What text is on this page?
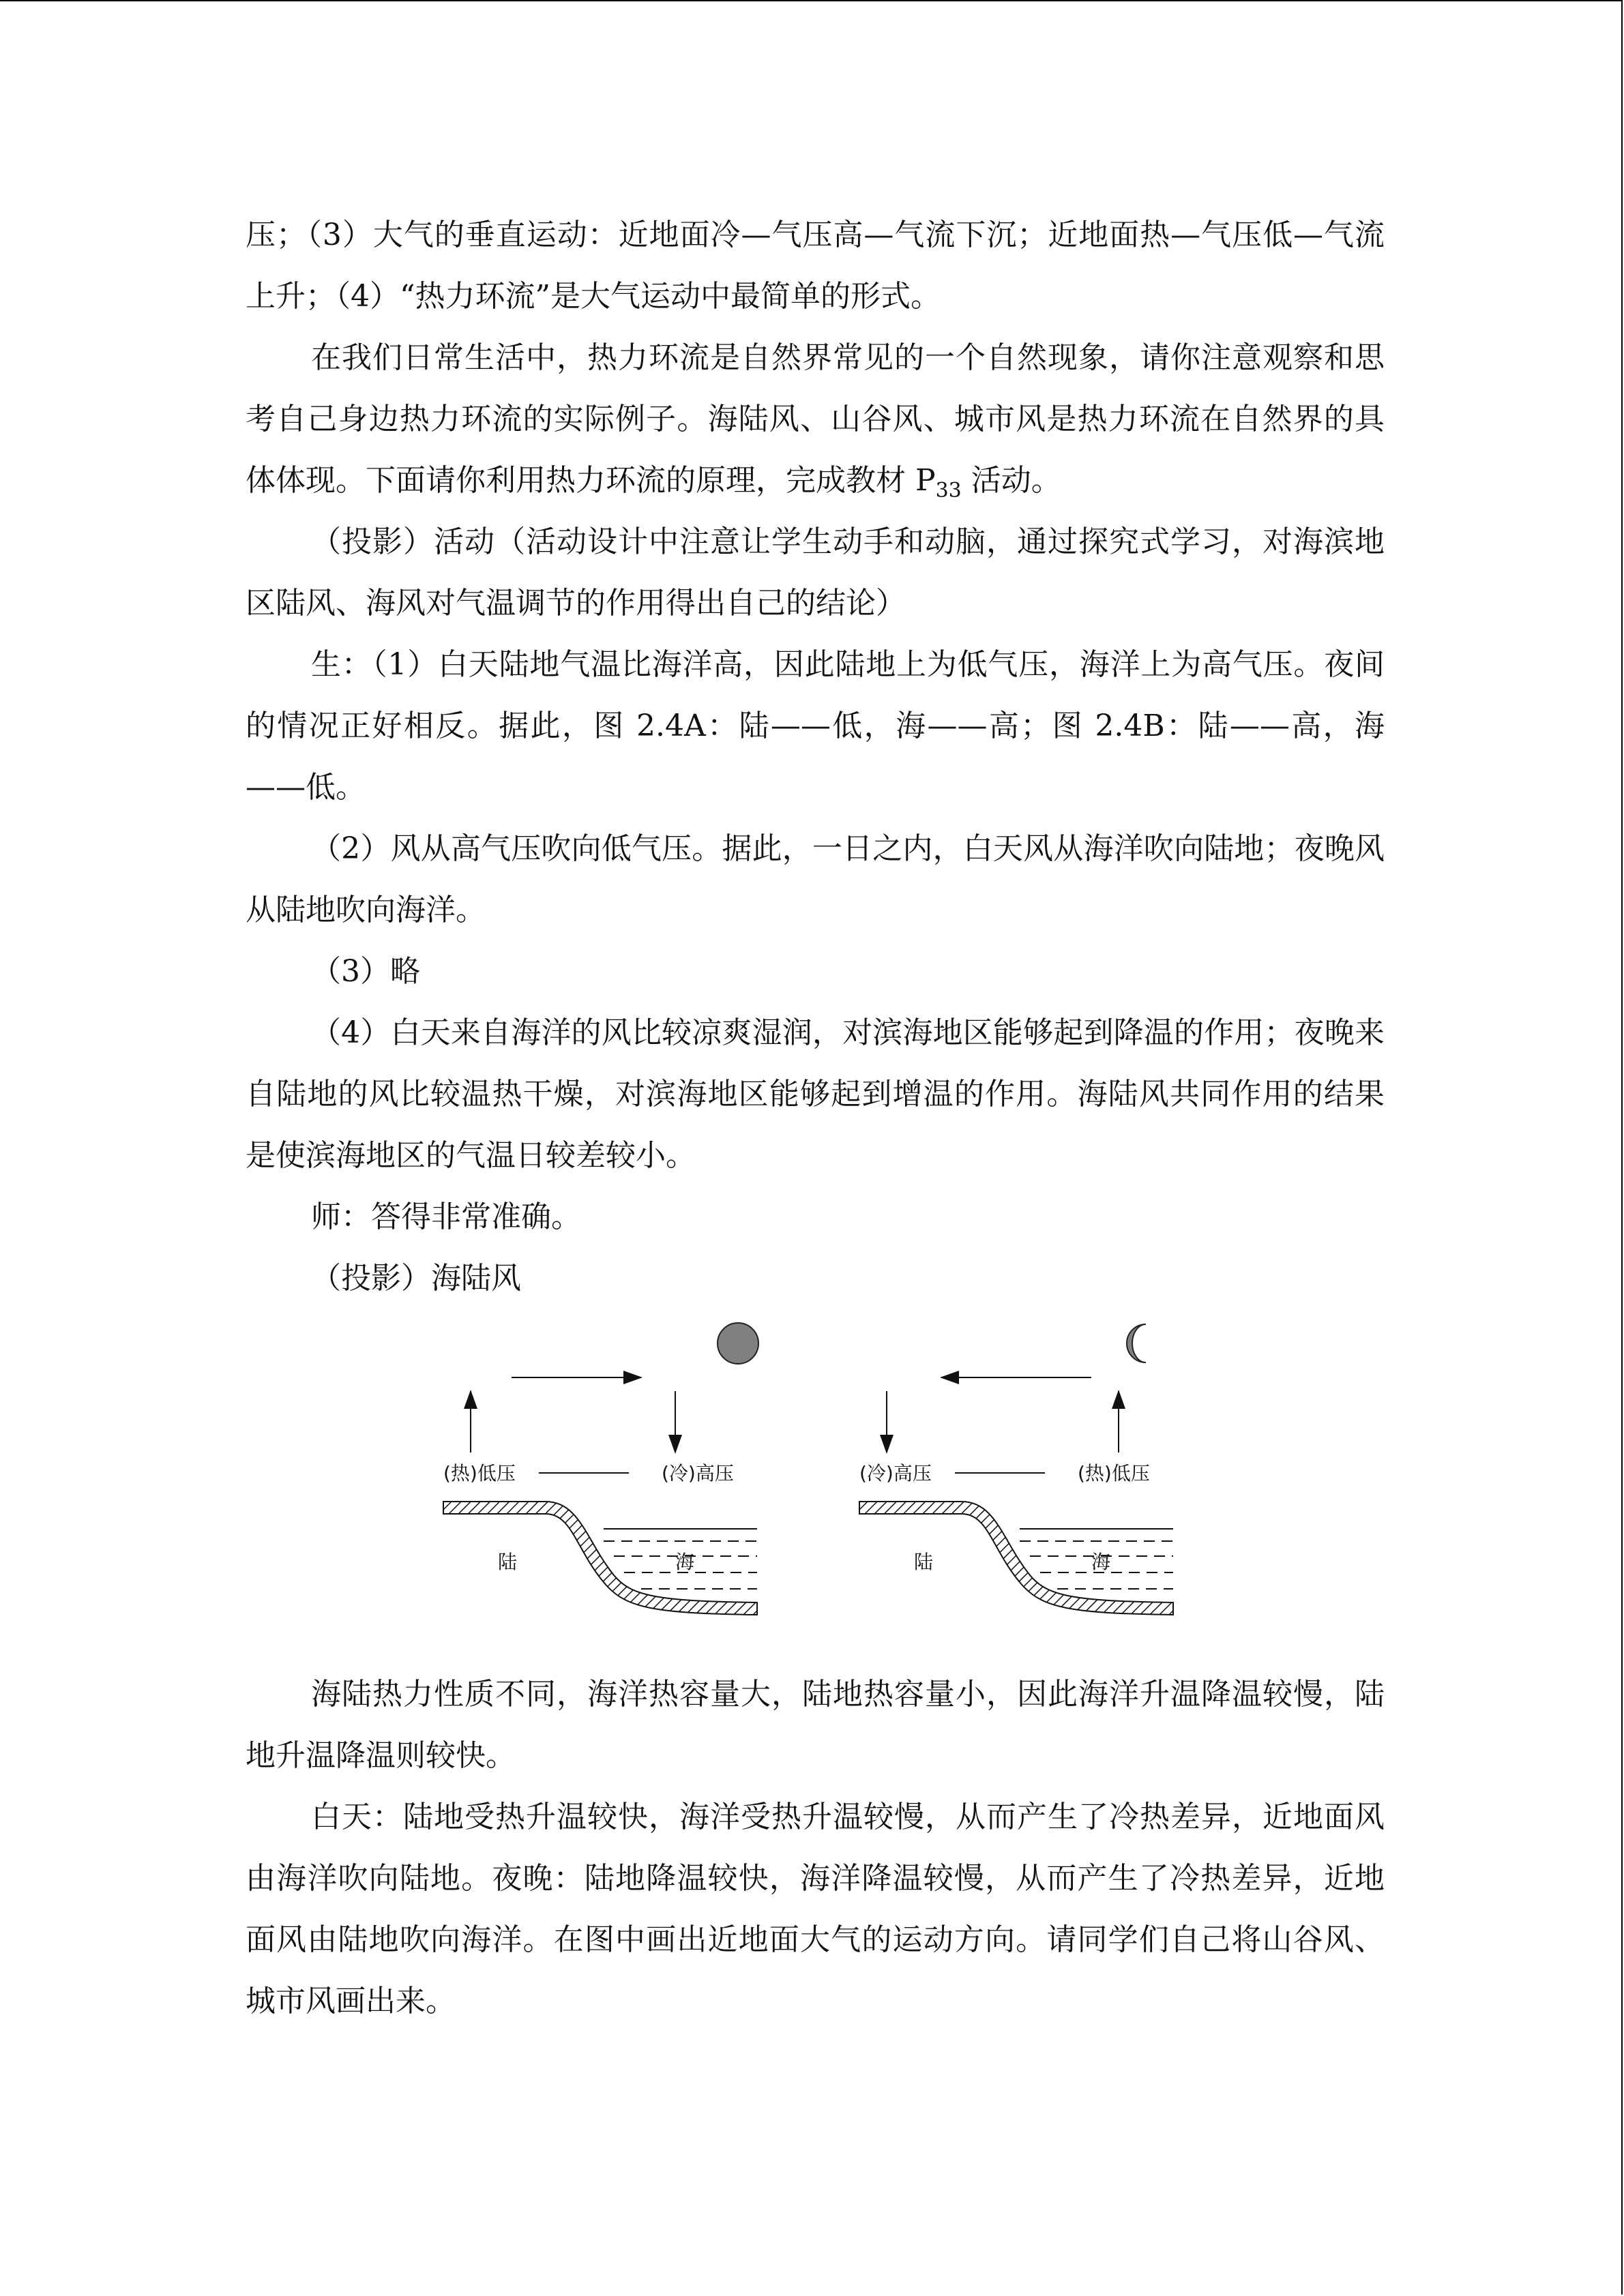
压；（3）大气的垂直运动：近地面冷—气压高—气流下沉；近地面热—气压低—气流上升；（4）“热力环流”是大气运动中最简单的形式。

在我们日常生活中，热力环流是自然界常见的一个自然现象，请你注意观察和思考自己身边热力环流的实际例子。海陆风、山谷风、城市风是热力环流在自然界的具体体现。下面请你利用热力环流的原理，完成教材 $P_{33}$ 活动。

（投影）活动（活动设计中注意让学生动手和动脑，通过探究式学习，对海滨地区陆风、海风对气温调节的作用得出自己的结论）

生：（1）白天陆地气温比海洋高，因此陆地上为低气压，海洋上为高气压。夜间的情况正好相反。据此，图 2.4A：陆——低，海——高；图 2.4B：陆——高，海——低。

（2）风从高气压吹向低气压。据此，一日之内，白天风从海洋吹向陆地；夜晚风从陆地吹向海洋。

（3）略

（4）白天来自海洋的风比较凉爽湿润，对滨海地区能够起到降温的作用；夜晚来自陆地的风比较温热干燥，对滨海地区能够起到增温的作用。海陆风共同作用的结果是使滨海地区的气温日较差较小。

师：答得非常准确。

（投影）海陆风

(热)低压	(冷)高压
陆	海
(冷)高压	(热)低压
陆	海

海陆热力性质不同，海洋热容量大，陆地热容量小，因此海洋升温降温较慢，陆地升温降温则较快。

白天：陆地受热升温较快，海洋受热升温较慢，从而产生了冷热差异，近地面风由海洋吹向陆地。夜晚：陆地降温较快，海洋降温较慢，从而产生了冷热差异，近地面风由陆地吹向海洋。在图中画出近地面大气的运动方向。请同学们自己将山谷风、城市风画出来。
